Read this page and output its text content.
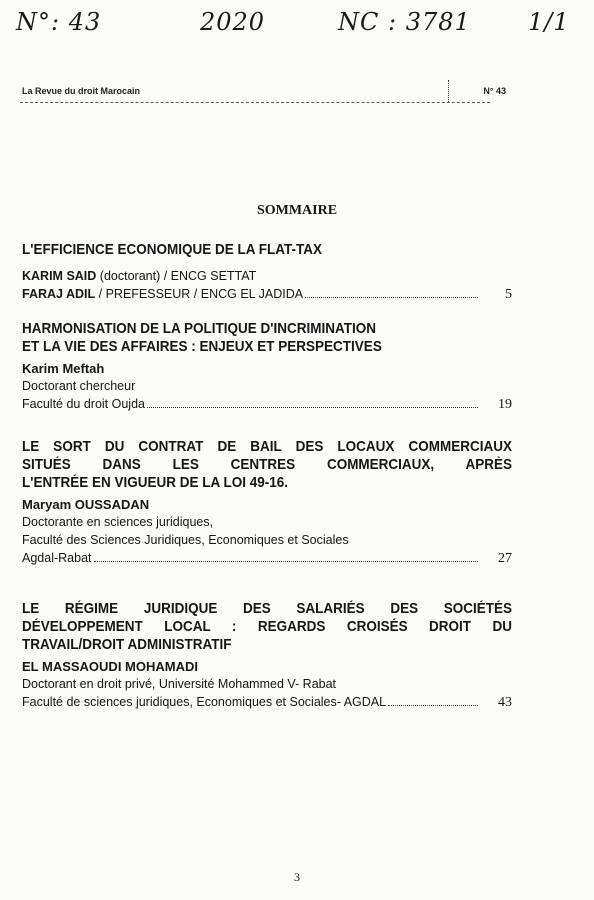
N°: 43	2020	NC : 3781 1/1
La Revue du droit Marocain	N° 43
SOMMAIRE

L'EFFICIENCE ECONOMIQUE DE LA FLAT-TAX

KARIM SAID (doctorant) / ENCG SETTAT
FARAJ ADIL / PREFESSEUR / ENCG EL JADIDA	5

HARMONISATION DE LA POLITIQUE D'INCRIMINATION

ET LA VIE DES AFFAIRES : ENJEUX ET PERSPECTIVES

Karim Meftah
Doctorant chercheur
Faculté du droit Oujda	19

LE SORT DU CONTRAT DE BAIL DES LOCAUX COMMERCIAUX

SITUÉS DANS LES CENTRES COMMERCIAUX, APRÈS

L'ENTRÉE EN VIGUEUR DE LA LOI 49-16.

Maryam OUSSADAN
Doctorante en sciences juridiques,
Faculté des Sciences Juridiques, Economiques et Sociales
Agdal-Rabat	27

LE RÉGIME JURIDIQUE DES SALARIÉS DES SOCIÉTÉS

DÉVELOPPEMENT LOCAL : REGARDS CROISÉS DROIT DU

TRAVAIL/DROIT ADMINISTRATIF

EL MASSAOUDI MOHAMADI
Doctorant en droit privé, Université Mohammed V- Rabat
Faculté de sciences juridiques, Economiques et Sociales- AGDAL	43
3
